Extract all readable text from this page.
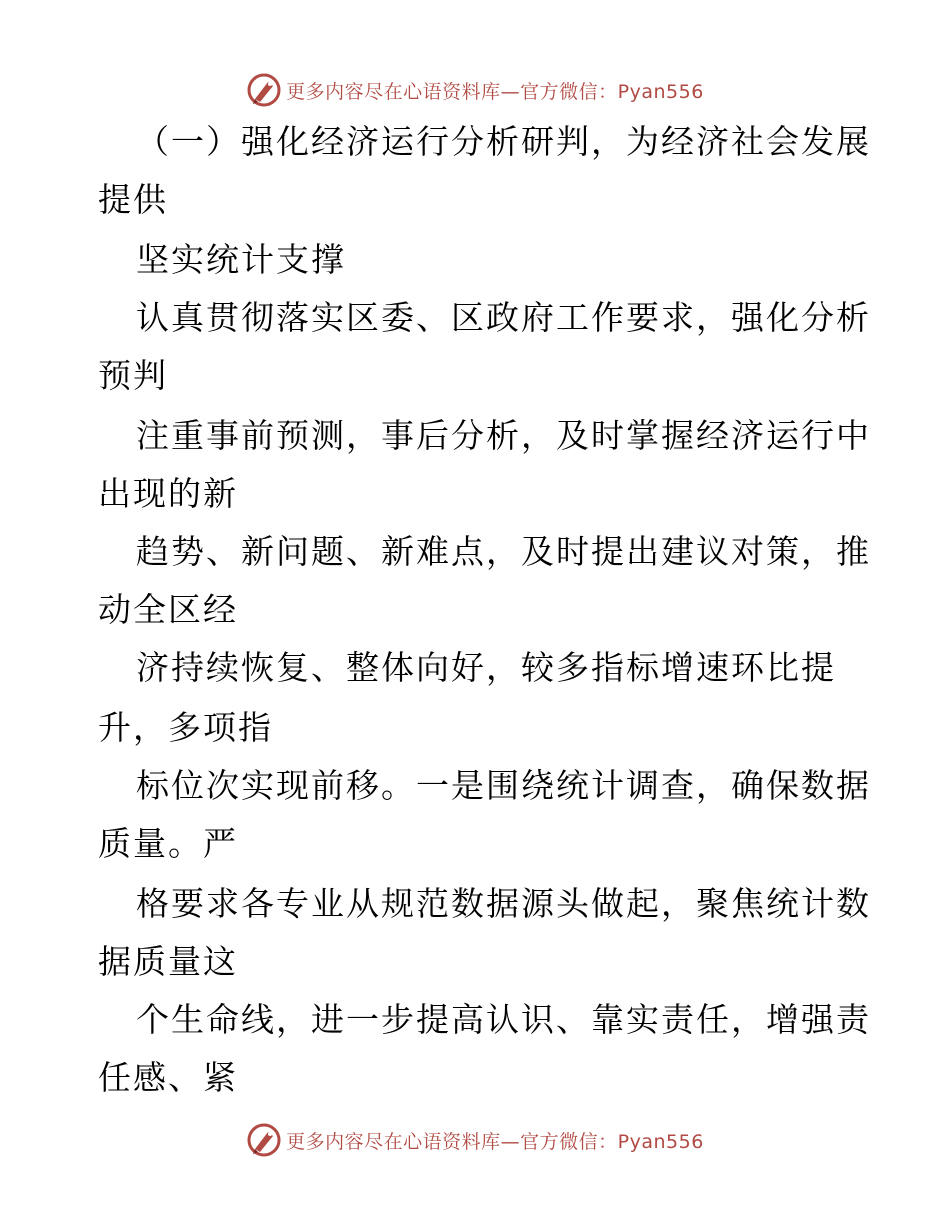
更多内容尽在心语资料库—官方微信：Pyan556
（一）强化经济运行分析研判，为经济社会发展
提供
坚实统计支撑
认真贯彻落实区委、区政府工作要求，强化分析
预判
注重事前预测，事后分析，及时掌握经济运行中
出现的新
趋势、新问题、新难点，及时提出建议对策，推
动全区经
济持续恢复、整体向好，较多指标增速环比提
升，多项指
标位次实现前移。一是围绕统计调查，确保数据
质量。严
格要求各专业从规范数据源头做起，聚焦统计数
据质量这
个生命线，进一步提高认识、靠实责任，增强责
任感、紧
更多内容尽在心语资料库—官方微信：Pyan556
